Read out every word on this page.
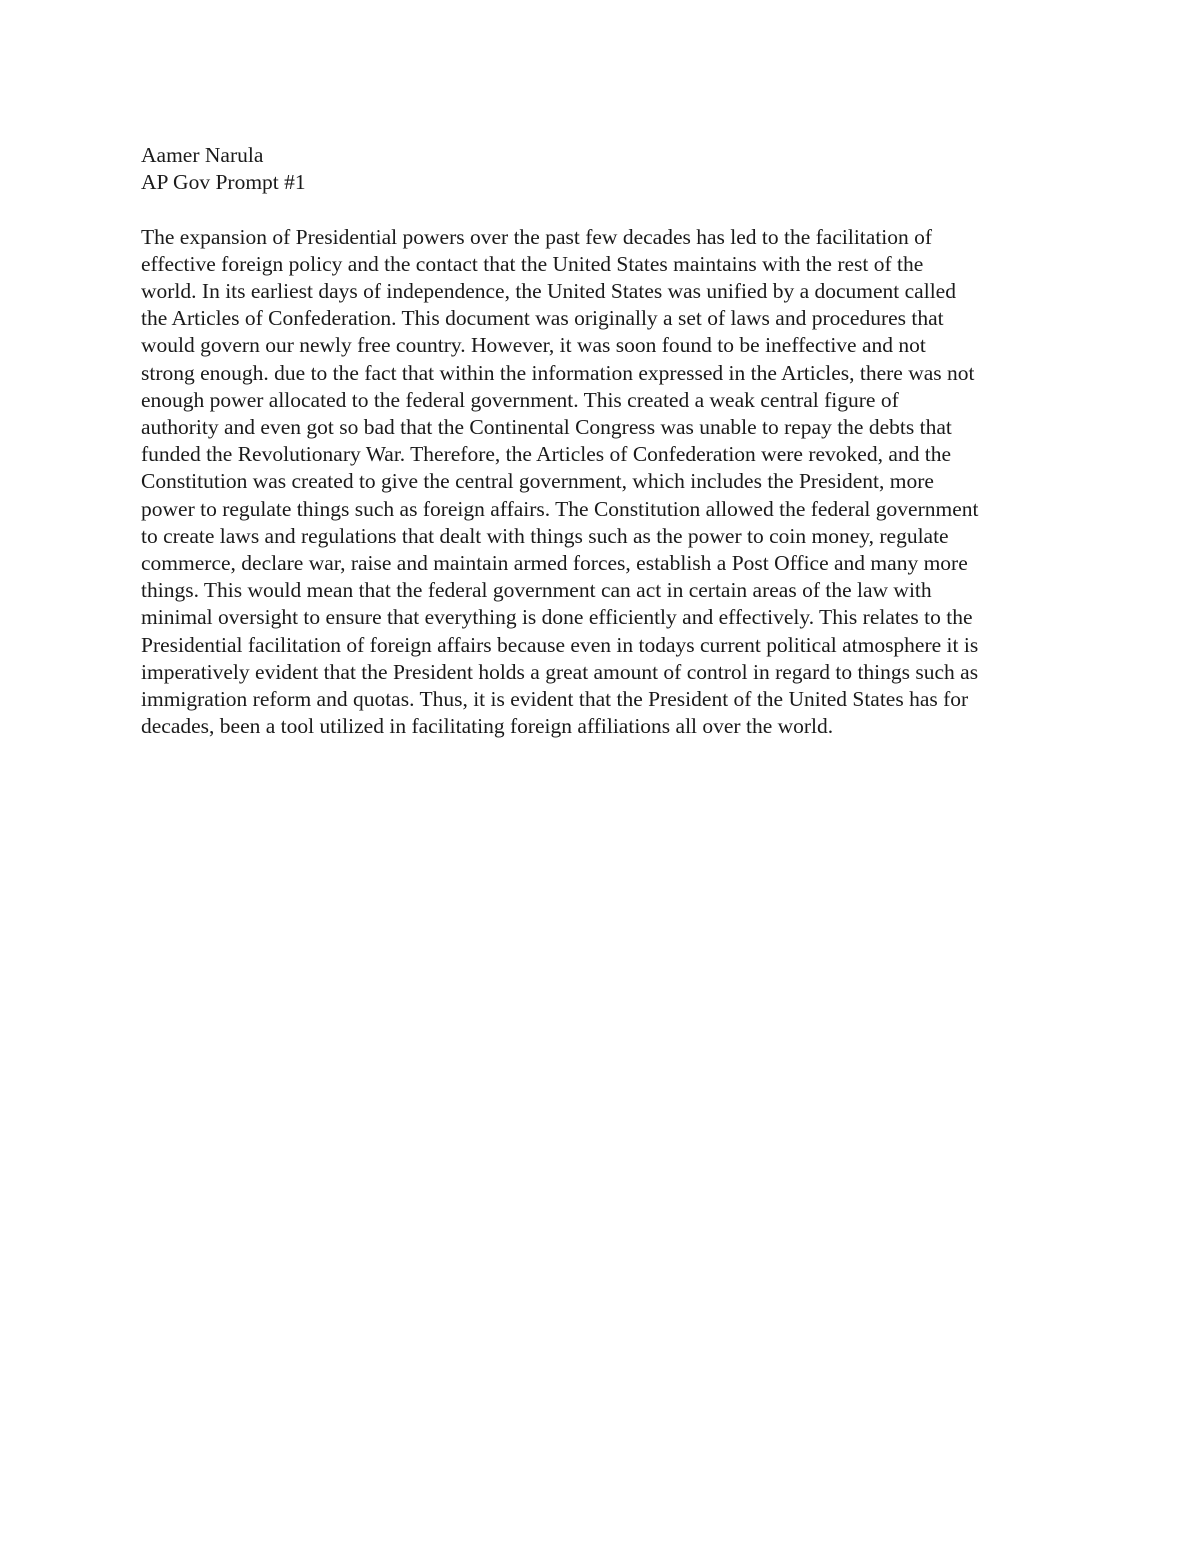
Aamer Narula
AP Gov Prompt #1
The expansion of Presidential powers over the past few decades has led to the facilitation of
effective foreign policy and the contact that the United States maintains with the rest of the
world. In its earliest days of independence, the United States was unified by a document called
the Articles of Confederation. This document was originally a set of laws and procedures that
would govern our newly free country. However, it was soon found to be ineffective and not
strong enough. due to the fact that within the information expressed in the Articles, there was not
enough power allocated to the federal government. This created a weak central figure of
authority and even got so bad that the Continental Congress was unable to repay the debts that
funded the Revolutionary War. Therefore, the Articles of Confederation were revoked, and the
Constitution was created to give the central government, which includes the President, more
power to regulate things such as foreign affairs. The Constitution allowed the federal government
to create laws and regulations that dealt with things such as the power to coin money, regulate
commerce, declare war, raise and maintain armed forces, establish a Post Office and many more
things. This would mean that the federal government can act in certain areas of the law with
minimal oversight to ensure that everything is done efficiently and effectively. This relates to the
Presidential facilitation of foreign affairs because even in todays current political atmosphere it is
imperatively evident that the President holds a great amount of control in regard to things such as
immigration reform and quotas. Thus, it is evident that the President of the United States has for
decades, been a tool utilized in facilitating foreign affiliations all over the world.
